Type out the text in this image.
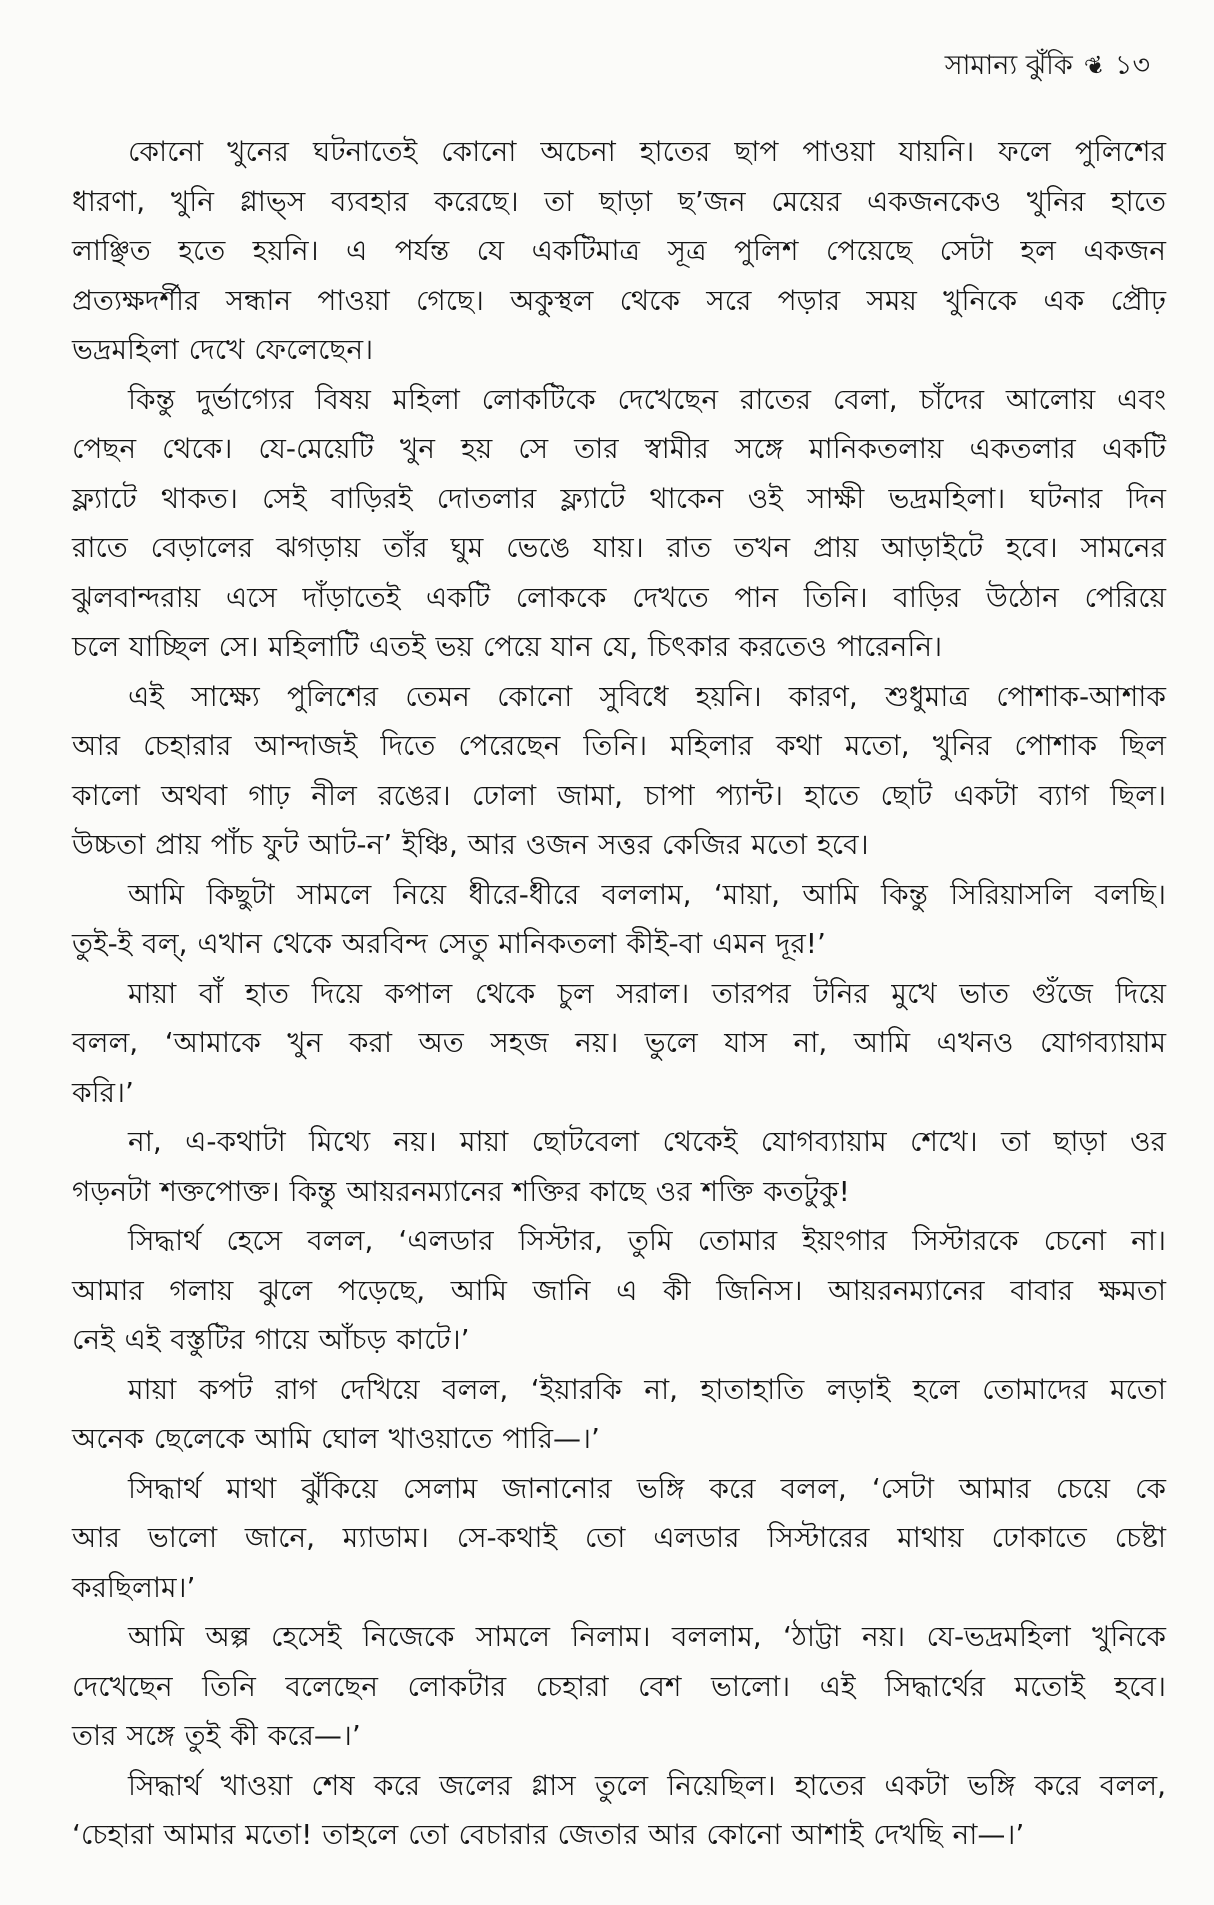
সামান্য ঝুঁকি ❦ ১৩
কোনো খুনের ঘটনাতেই কোনো অচেনা হাতের ছাপ পাওয়া যায়নি। ফলে পুলিশের
ধারণা, খুনি গ্লাভ্স ব্যবহার করেছে। তা ছাড়া ছ’জন মেয়ের একজনকেও খুনির হাতে
লাঞ্ছিত হতে হয়নি। এ পর্যন্ত যে একটিমাত্র সূত্র পুলিশ পেয়েছে সেটা হল একজন
প্রত্যক্ষদর্শীর সন্ধান পাওয়া গেছে। অকুস্থল থেকে সরে পড়ার সময় খুনিকে এক প্রৌঢ়
ভদ্রমহিলা দেখে ফেলেছেন।
কিন্তু দুর্ভাগ্যের বিষয় মহিলা লোকটিকে দেখেছেন রাতের বেলা, চাঁদের আলোয় এবং
পেছন থেকে। যে-মেয়েটি খুন হয় সে তার স্বামীর সঙ্গে মানিকতলায় একতলার একটি
ফ্ল্যাটে থাকত। সেই বাড়িরই দোতলার ফ্ল্যাটে থাকেন ওই সাক্ষী ভদ্রমহিলা। ঘটনার দিন
রাতে বেড়ালের ঝগড়ায় তাঁর ঘুম ভেঙে যায়। রাত তখন প্রায় আড়াইটে হবে। সামনের
ঝুলবান্দরায় এসে দাঁড়াতেই একটি লোককে দেখতে পান তিনি। বাড়ির উঠোন পেরিয়ে
চলে যাচ্ছিল সে। মহিলাটি এতই ভয় পেয়ে যান যে, চিৎকার করতেও পারেননি।
এই সাক্ষ্যে পুলিশের তেমন কোনো সুবিধে হয়নি। কারণ, শুধুমাত্র পোশাক-আশাক
আর চেহারার আন্দাজই দিতে পেরেছেন তিনি। মহিলার কথা মতো, খুনির পোশাক ছিল
কালো অথবা গাঢ় নীল রঙের। ঢোলা জামা, চাপা প্যান্ট। হাতে ছোট একটা ব্যাগ ছিল।
উচ্চতা প্রায় পাঁচ ফুট আট-ন’ ইঞ্চি, আর ওজন সত্তর কেজির মতো হবে।
আমি কিছুটা সামলে নিয়ে ধীরে-ধীরে বললাম, ‘মায়া, আমি কিন্তু সিরিয়াসলি বলছি।
তুই-ই বল্, এখান থেকে অরবিন্দ সেতু মানিকতলা কীই-বা এমন দূর!’
মায়া বাঁ হাত দিয়ে কপাল থেকে চুল সরাল। তারপর টনির মুখে ভাত গুঁজে দিয়ে
বলল, ‘আমাকে খুন করা অত সহজ নয়। ভুলে যাস না, আমি এখনও যোগব্যায়াম
করি।’
না, এ-কথাটা মিথ্যে নয়। মায়া ছোটবেলা থেকেই যোগব্যায়াম শেখে। তা ছাড়া ওর
গড়নটা শক্তপোক্ত। কিন্তু আয়রনম্যানের শক্তির কাছে ওর শক্তি কতটুকু!
সিদ্ধার্থ হেসে বলল, ‘এলডার সিস্টার, তুমি তোমার ইয়ংগার সিস্টারকে চেনো না।
আমার গলায় ঝুলে পড়েছে, আমি জানি এ কী জিনিস। আয়রনম্যানের বাবার ক্ষমতা
নেই এই বস্তুটির গায়ে আঁচড় কাটে।’
মায়া কপট রাগ দেখিয়ে বলল, ‘ইয়ারকি না, হাতাহাতি লড়াই হলে তোমাদের মতো
অনেক ছেলেকে আমি ঘোল খাওয়াতে পারি—।’
সিদ্ধার্থ মাথা ঝুঁকিয়ে সেলাম জানানোর ভঙ্গি করে বলল, ‘সেটা আমার চেয়ে কে
আর ভালো জানে, ম্যাডাম। সে-কথাই তো এলডার সিস্টারের মাথায় ঢোকাতে চেষ্টা
করছিলাম।’
আমি অল্প হেসেই নিজেকে সামলে নিলাম। বললাম, ‘ঠাট্টা নয়। যে-ভদ্রমহিলা খুনিকে
দেখেছেন তিনি বলেছেন লোকটার চেহারা বেশ ভালো। এই সিদ্ধার্থের মতোই হবে।
তার সঙ্গে তুই কী করে—।’
সিদ্ধার্থ খাওয়া শেষ করে জলের গ্লাস তুলে নিয়েছিল। হাতের একটা ভঙ্গি করে বলল,
‘চেহারা আমার মতো! তাহলে তো বেচারার জেতার আর কোনো আশাই দেখছি না—।’
